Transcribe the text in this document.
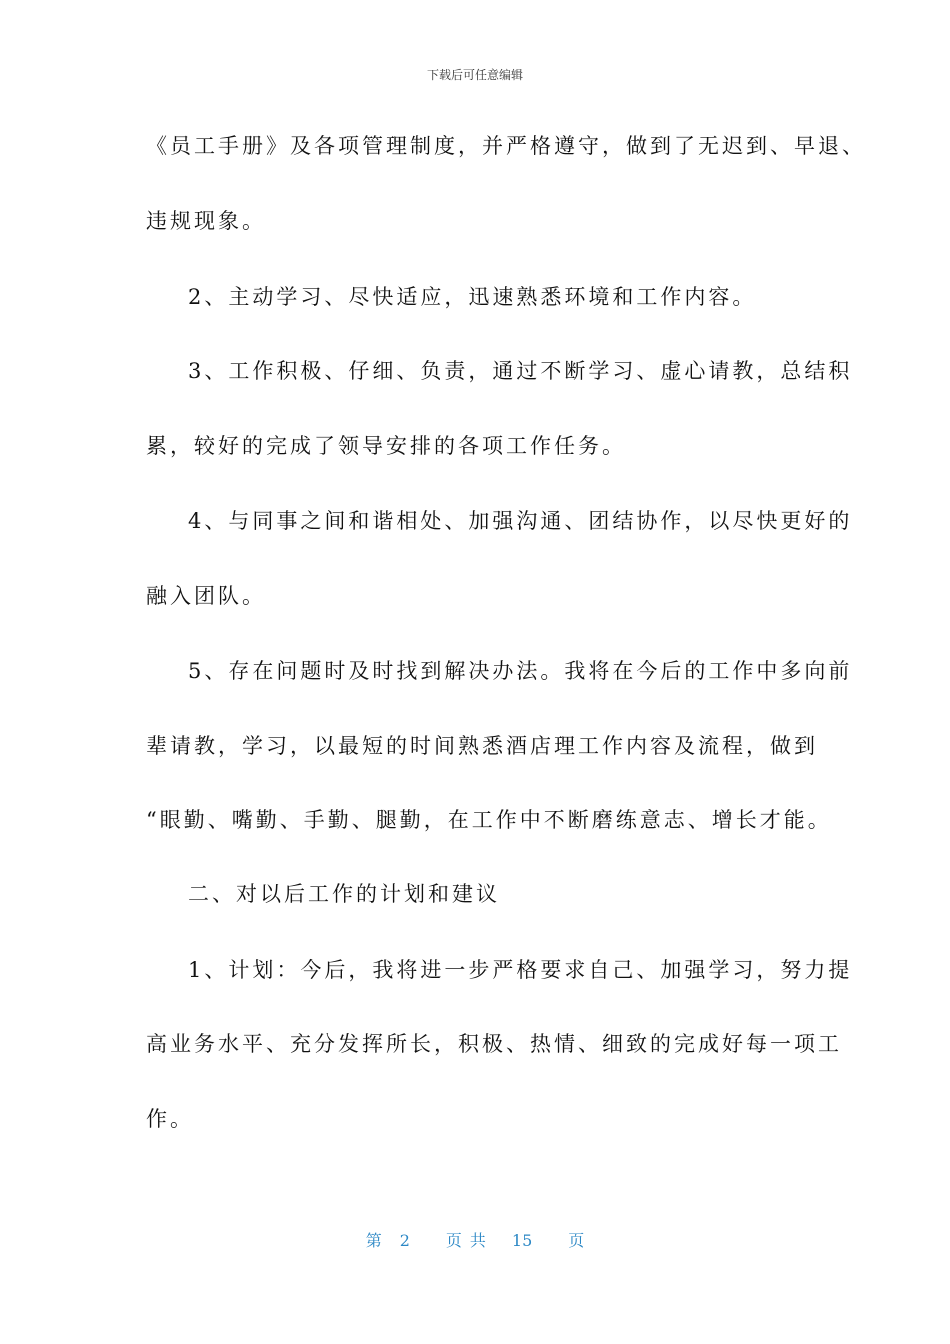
下载后可任意编辑
《员工手册》及各项管理制度，并严格遵守，做到了无迟到、早退、
违规现象。
2、主动学习、尽快适应，迅速熟悉环境和工作内容。
3、工作积极、仔细、负责，通过不断学习、虚心请教，总结积
累，较好的完成了领导安排的各项工作任务。
4、与同事之间和谐相处、加强沟通、团结协作，以尽快更好的
融入团队。
5、存在问题时及时找到解决办法。我将在今后的工作中多向前
辈请教，学习，以最短的时间熟悉酒店理工作内容及流程，做到
“眼勤、嘴勤、手勤、腿勤，在工作中不断磨练意志、增长才能。
二、对以后工作的计划和建议
1、计划：今后，我将进一步严格要求自己、加强学习，努力提
高业务水平、充分发挥所长，积极、热情、细致的完成好每一项工
作。
第 2 页共 15 页
